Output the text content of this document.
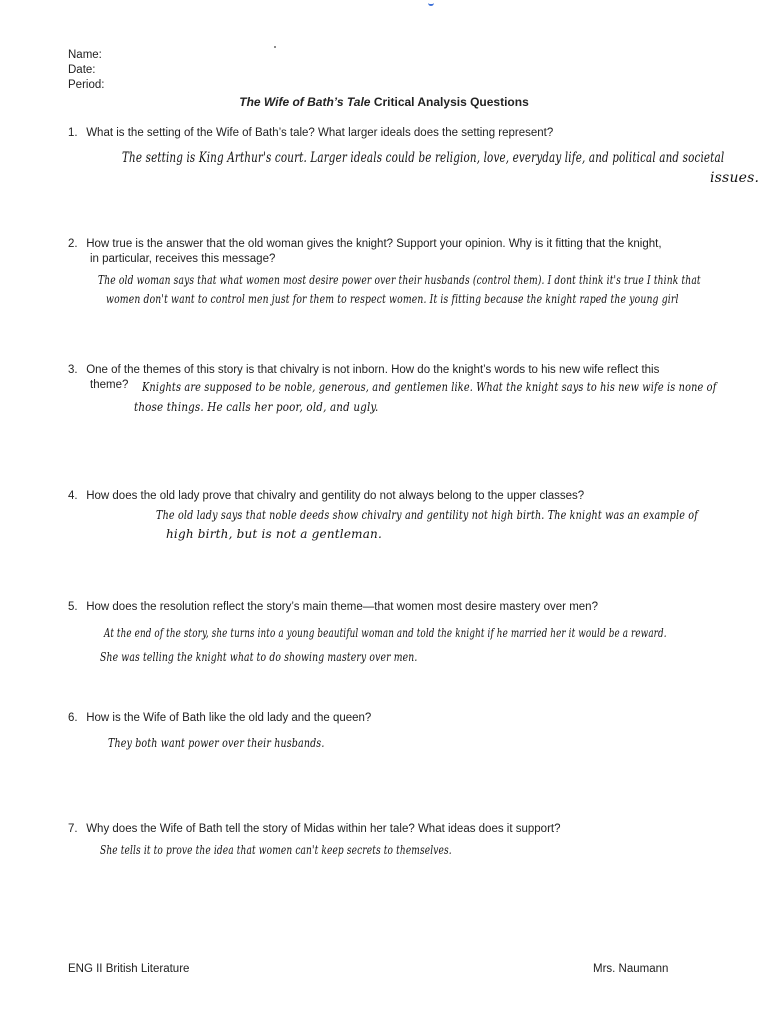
Name:
Date:
Period:
The Wife of Bath’s Tale Critical Analysis Questions
1. What is the setting of the Wife of Bath’s tale? What larger ideals does the setting represent?
The setting is King Arthur's court. Larger ideals could be religion, love, everyday life, and political and societal
issues.
2. How true is the answer that the old woman gives the knight? Support your opinion. Why is it fitting that the knight,
in particular, receives this message?
The old woman says that what women most desire power over their husbands (control them). I dont think it's true I think that
women don't want to control men just for them to respect women. It is fitting because the knight raped the young girl
3. One of the themes of this story is that chivalry is not inborn. How do the knight’s words to his new wife reflect this
theme?	Knights are supposed to be noble, generous, and gentlemen like. What the knight says to his new wife is none of
those things. He calls her poor, old, and ugly.
4. How does the old lady prove that chivalry and gentility do not always belong to the upper classes?
The old lady says that noble deeds show chivalry and gentility not high birth. The knight was an example of
high birth, but is not a gentleman.
5. How does the resolution reflect the story’s main theme—that women most desire mastery over men?
At the end of the story, she turns into a young beautiful woman and told the knight if he married her it would be a reward.
She was telling the knight what to do showing mastery over men.
6. How is the Wife of Bath like the old lady and the queen?
They both want power over their husbands.
7. Why does the Wife of Bath tell the story of Midas within her tale? What ideas does it support?
She tells it to prove the idea that women can't keep secrets to themselves.
ENG II British Literature	Mrs. Naumann
